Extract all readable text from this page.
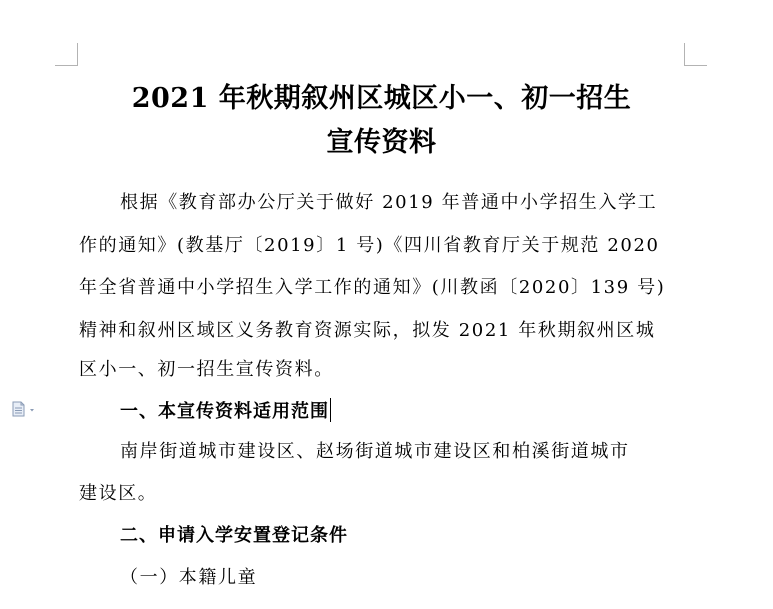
2021 年秋期叙州区城区小一、初一招生
宣传资料
根据《教育部办公厅关于做好 2019 年普通中小学招生入学工
作的通知》(教基厅〔2019〕1 号)《四川省教育厅关于规范 2020
年全省普通中小学招生入学工作的通知》(川教函〔2020〕139 号)
精神和叙州区域区义务教育资源实际，拟发 2021 年秋期叙州区城
区小一、初一招生宣传资料。
一、本宣传资料适用范围
南岸街道城市建设区、赵场街道城市建设区和柏溪街道城市
建设区。
二、申请入学安置登记条件
（一）本籍儿童
